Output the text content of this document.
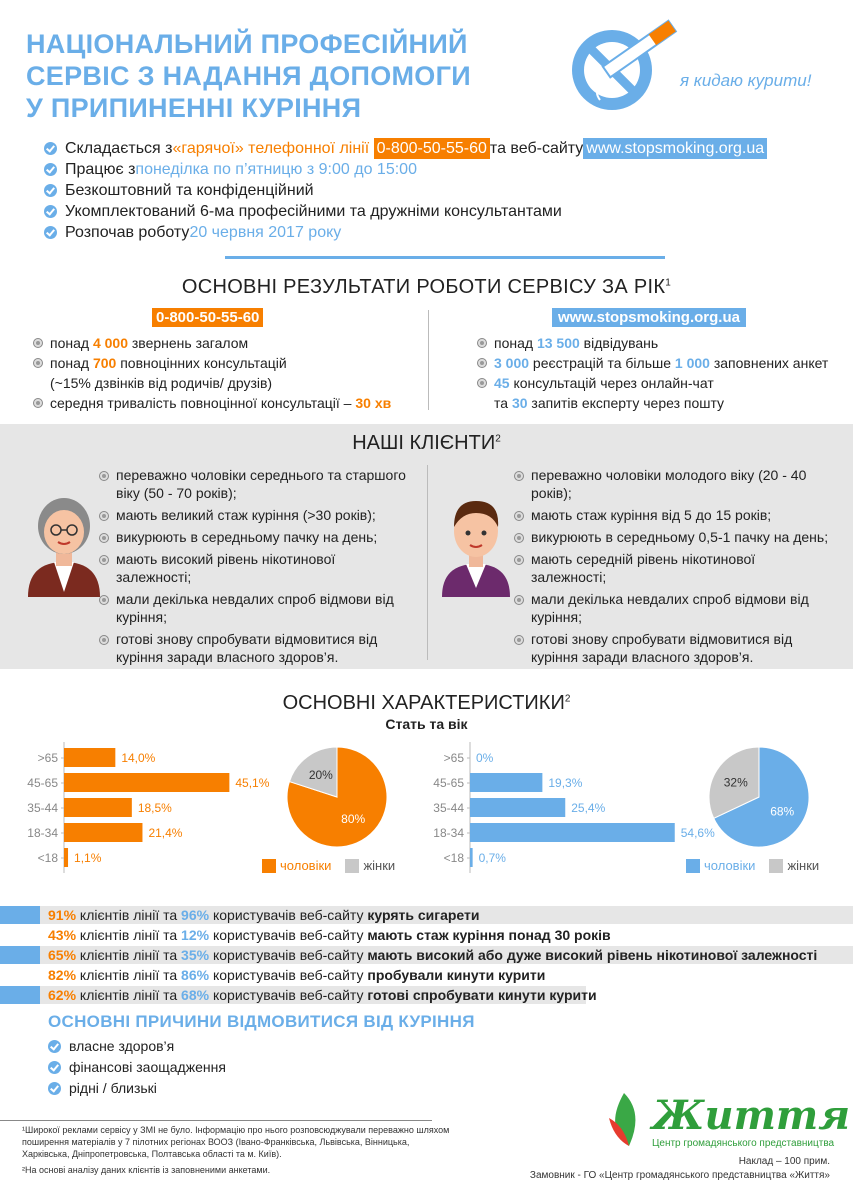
НАЦІОНАЛЬНИЙ ПРОФЕСІЙНИЙ
СЕРВІС З НАДАННЯ ДОПОМОГИ
У ПРИПИНЕННІ КУРІННЯ
я кидаю курити!
Складається з «гарячої» телефонної лінії
0-800-50-55-60 та веб-сайту www.stopsmoking.org.ua
Працює з понеділка по п’ятницю з 9:00 до 15:00
Безкоштовний та конфіденційний
Укомплектований 6-ма професійними та дружніми консультантами
Розпочав роботу 20 червня 2017 року
ОСНОВНІ РЕЗУЛЬТАТИ РОБОТИ СЕРВІСУ ЗА РІК$^1$
0-800-50-55-60
понад 4 000 звернень загалом
понад 700 повноцінних консультацій
(~15% дзвінків від родичів/ друзів)
середня тривалість повноцінної консультації – 30 хв
www.stopsmoking.org.ua
понад 13 500 відвідувань
3 000 реєстрацій та більше 1 000 заповнених анкет
45 консультацій через онлайн-чат
та 30 запитів експерту через пошту
НАШІ КЛІЄНТИ$^2$
переважно чоловіки середнього та старшого
віку (50 - 70 років);
мають великий стаж куріння (>30 років);
викурюють в середньому пачку на день;
мають високий рівень нікотинової
залежності;
мали декілька невдалих спроб відмови від
куріння;
готові знову спробувати відмовитися від
куріння заради власного здоров’я.
переважно чоловіки молодого віку (20 - 40
років);
мають стаж куріння від 5 до 15 років;
викурюють в середньому 0,5-1 пачку на день;
мають середній рівень нікотинової
залежності;
мали декілька невдалих спроб відмови від
куріння;
готові знову спробувати відмовитися від
куріння заради власного здоров’я.
ОСНОВНІ ХАРАКТЕРИСТИКИ$^2$
Стать та вік
>65	14,0%
45-65	45,1%
35-44	18,5%
18-34	21,4%
<18 1,1%
80%
20%
чоловіки жінки
>65 0%
45-65	19,3%
35-44	25,4%
18-34	54,6%
<18 0,7%
68%
32%
чоловіки жінки
91% клієнтів лінії та 96% користувачів веб-сайту курять сигарети
43% клієнтів лінії та 12% користувачів веб-сайту мають стаж куріння понад 30 років
65% клієнтів лінії та 35% користувачів веб-сайту мають високий або дуже високий рівень нікотинової залежності
82% клієнтів лінії та 86% користувачів веб-сайту пробували кинути курити
62% клієнтів лінії та 68% користувачів веб-сайту готові спробувати кинути курити
ОСНОВНІ ПРИЧИНИ ВІДМОВИТИСЯ ВІД КУРІННЯ
власне здоров’я
фінансові заощадження
рідні / близькі

¹Широкої реклами сервісу у ЗМІ не було. Інформацію про нього розповсюджували переважно шляхом поширення матеріалів у 7 пілотних регіонах ВООЗ (Івано-Франківська, Львівська, Вінницька, Харківська, Дніпропетровська, Полтавська області та м. Київ).

²На основі аналізу даних клієнтів із заповненими анкетами.

Життя
Центр громадянського представництва
Наклад – 100 прим.
Замовник - ГО «Центр громадянського представництва «Життя»
